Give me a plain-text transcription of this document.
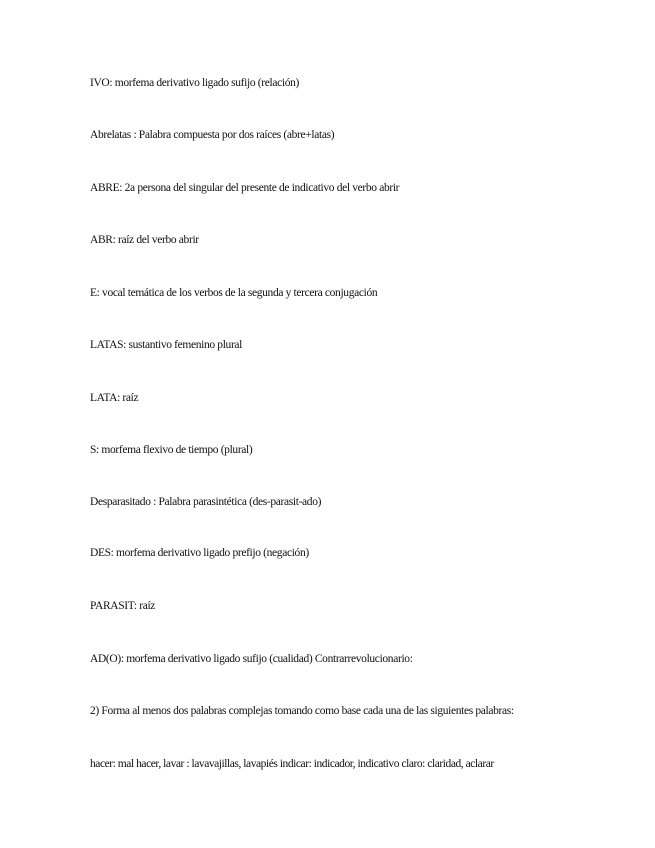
IVO: morfema derivativo ligado sufijo (relación)
Abrelatas : Palabra compuesta por dos raíces (abre+latas)
ABRE: 2a persona del singular del presente de indicativo del verbo abrir
ABR: raíz del verbo abrir
E: vocal temática de los verbos de la segunda y tercera conjugación
LATAS: sustantivo femenino plural
LATA: raíz
S: morfema flexivo de tiempo (plural)
Desparasitado : Palabra parasintética (des-parasit-ado)
DES: morfema derivativo ligado prefijo (negación)
PARASIT: raíz
AD(O): morfema derivativo ligado sufijo (cualidad) Contrarrevolucionario:
2) Forma al menos dos palabras complejas tomando como base cada una de las siguientes palabras:
hacer: mal hacer, lavar : lavavajillas, lavapiés indicar: indicador, indicativo claro: claridad, aclarar
